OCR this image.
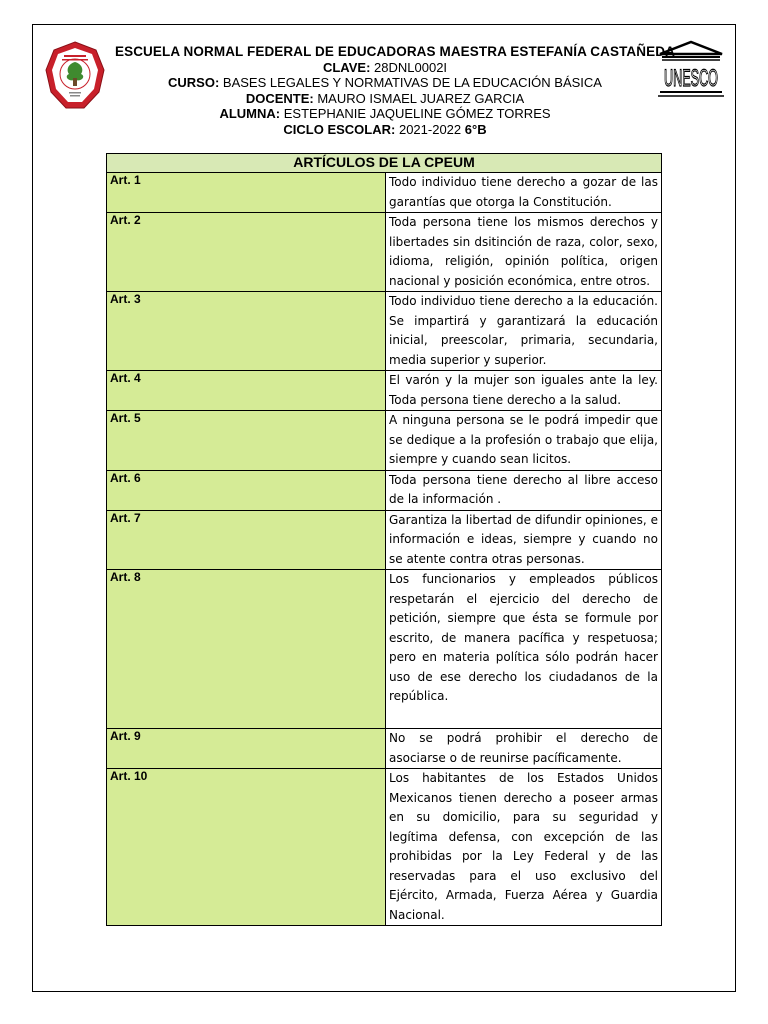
UNESCO
ESCUELA NORMAL FEDERAL DE EDUCADORAS MAESTRA ESTEFANÍA CASTAÑEDA
CLAVE: 28DNL0002I
CURSO: BASES LEGALES Y NORMATIVAS DE LA EDUCACIÓN BÁSICA
DOCENTE: MAURO ISMAEL JUAREZ GARCIA
ALUMNA: ESTEPHANIE JAQUELINE GÓMEZ TORRES
CICLO ESCOLAR: 2021-2022 6°B
ARTÍCULOS DE LA CPEUM	
Art. 1	Todo individuo tiene derecho a gozar de las garantías que otorga la Constitución.

Art. 2	Toda persona tiene los mismos derechos y libertades sin dsitinción de raza, color, sexo, idioma, religión, opinión política, origen nacional y posición económica, entre otros.

Art. 3	Todo individuo tiene derecho a la educación. Se impartirá y garantizará la educación inicial, preescolar, primaria, secundaria, media superior y superior.

Art. 4	El varón y la mujer son iguales ante la ley. Toda persona tiene derecho a la salud.

Art. 5	A ninguna persona se le podrá impedir que se dedique a la profesión o trabajo que elija, siempre y cuando sean licitos.

Art. 6	Toda persona tiene derecho al libre acceso de la información .

Art. 7	Garantiza la libertad de difundir opiniones, e información e ideas, siempre y cuando no se atente contra otras personas.

Art. 8	Los funcionarios y empleados públicos respetarán el ejercicio del derecho de petición, siempre que ésta se formule por escrito, de manera pacífica y respetuosa; pero en materia política sólo podrán hacer uso de ese derecho los ciudadanos de la república.

Art. 9	No se podrá prohibir el derecho de asociarse o de reunirse pacíficamente.

Art. 10	Los habitantes de los Estados Unidos Mexicanos tienen derecho a poseer armas en su domicilio, para su seguridad y legítima defensa, con excepción de las prohibidas por la Ley Federal y de las reservadas para el uso exclusivo del Ejército, Armada, Fuerza Aérea y Guardia Nacional.
